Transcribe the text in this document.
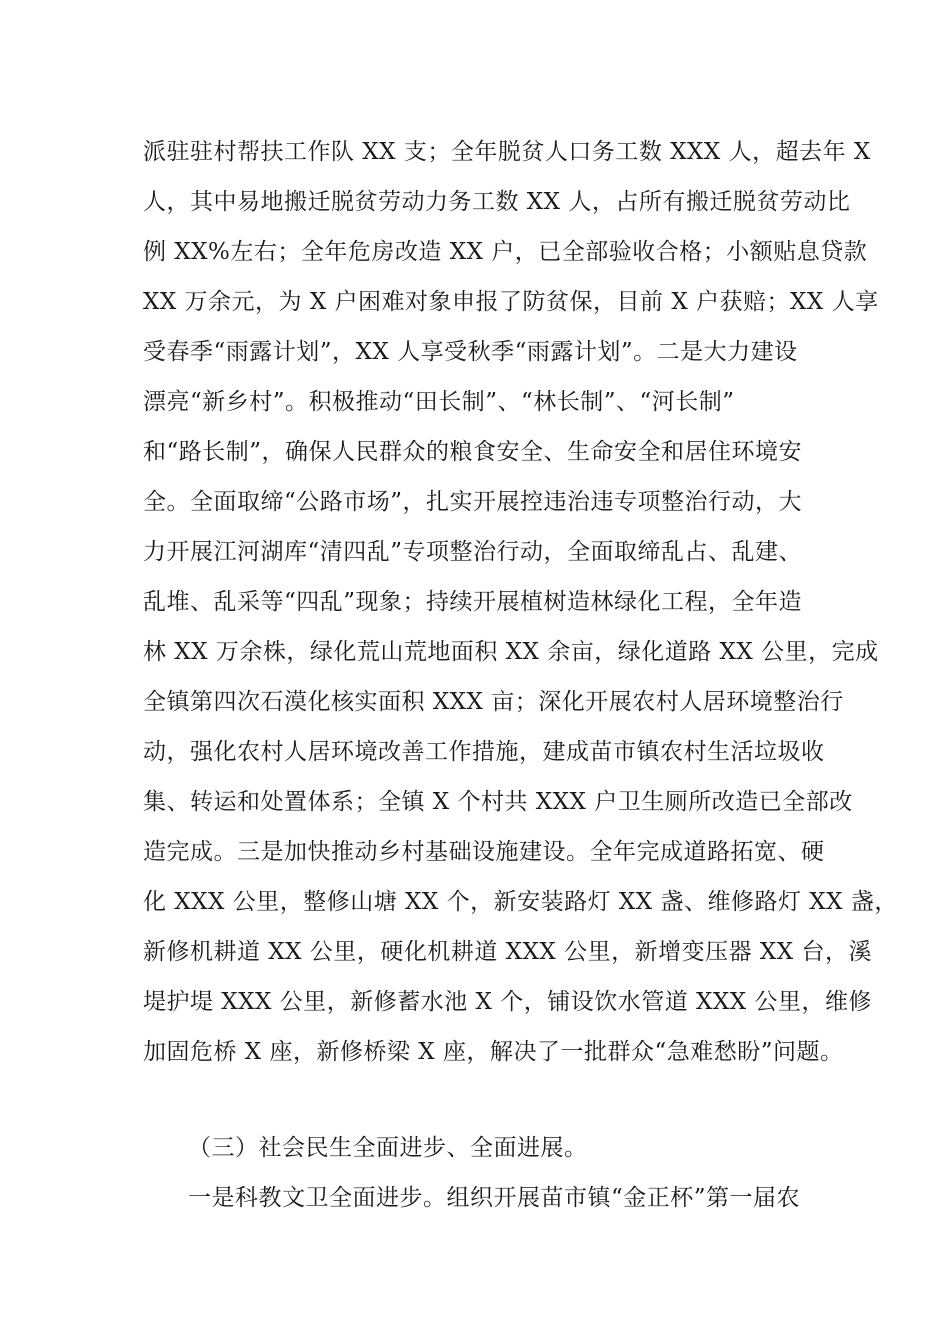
派驻驻村帮扶工作队 XX 支；全年脱贫人口务工数 XXX 人，超去年 X
人，其中易地搬迁脱贫劳动力务工数 XX 人，占所有搬迁脱贫劳动比
例 XX%左右；全年危房改造 XX 户，已全部验收合格；小额贴息贷款
XX 万余元，为 X 户困难对象申报了防贫保，目前 X 户获赔；XX 人享
受春季“雨露计划”，XX 人享受秋季“雨露计划”。二是大力建设
漂亮“新乡村”。积极推动“田长制”、“林长制”、“河长制”
和“路长制”，确保人民群众的粮食安全、生命安全和居住环境安
全。全面取缔“公路市场”，扎实开展控违治违专项整治行动，大
力开展江河湖库“清四乱”专项整治行动，全面取缔乱占、乱建、
乱堆、乱采等“四乱”现象；持续开展植树造林绿化工程，全年造
林 XX 万余株，绿化荒山荒地面积 XX 余亩，绿化道路 XX 公里，完成
全镇第四次石漠化核实面积 XXX 亩；深化开展农村人居环境整治行
动，强化农村人居环境改善工作措施，建成苗市镇农村生活垃圾收
集、转运和处置体系；全镇 X 个村共 XXX 户卫生厕所改造已全部改
造完成。三是加快推动乡村基础设施建设。全年完成道路拓宽、硬
化 XXX 公里，整修山塘 XX 个，新安装路灯 XX 盏、维修路灯 XX 盏，
新修机耕道 XX 公里，硬化机耕道 XXX 公里，新增变压器 XX 台，溪
堤护堤 XXX 公里，新修蓄水池 X 个，铺设饮水管道 XXX 公里，维修
加固危桥 X 座，新修桥梁 X 座，解决了一批群众“急难愁盼”问题。
（三）社会民生全面进步、全面进展。
一是科教文卫全面进步。组织开展苗市镇“金正杯”第一届农
